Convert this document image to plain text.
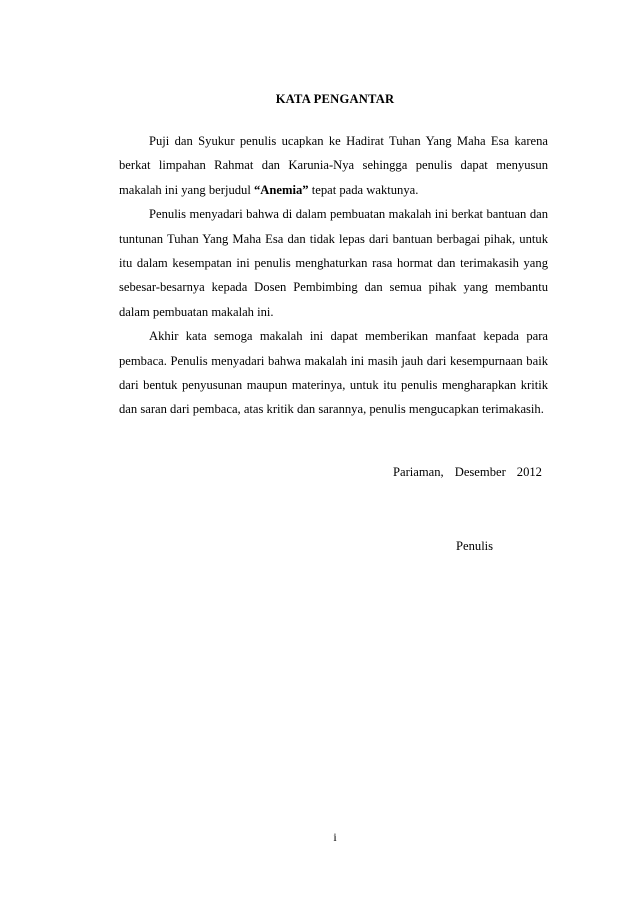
KATA PENGANTAR

Puji dan Syukur penulis ucapkan ke Hadirat Tuhan Yang Maha Esa karena berkat limpahan Rahmat dan Karunia-Nya sehingga penulis dapat menyusun makalah ini yang berjudul “Anemia” tepat pada waktunya.

Penulis menyadari bahwa di dalam pembuatan makalah ini berkat bantuan dan tuntunan Tuhan Yang Maha Esa dan tidak lepas dari bantuan berbagai pihak, untuk itu dalam kesempatan ini penulis menghaturkan rasa hormat dan terimakasih yang sebesar-besarnya kepada Dosen Pembimbing dan semua pihak yang membantu dalam pembuatan makalah ini.

Akhir kata semoga makalah ini dapat memberikan manfaat kepada para pembaca. Penulis menyadari bahwa makalah ini masih jauh dari kesempurnaan baik dari bentuk penyusunan maupun materinya, untuk itu penulis mengharapkan kritik dan saran dari pembaca, atas kritik dan sarannya, penulis mengucapkan terimakasih.

Pariaman, Desember 2012
Penulis
i
